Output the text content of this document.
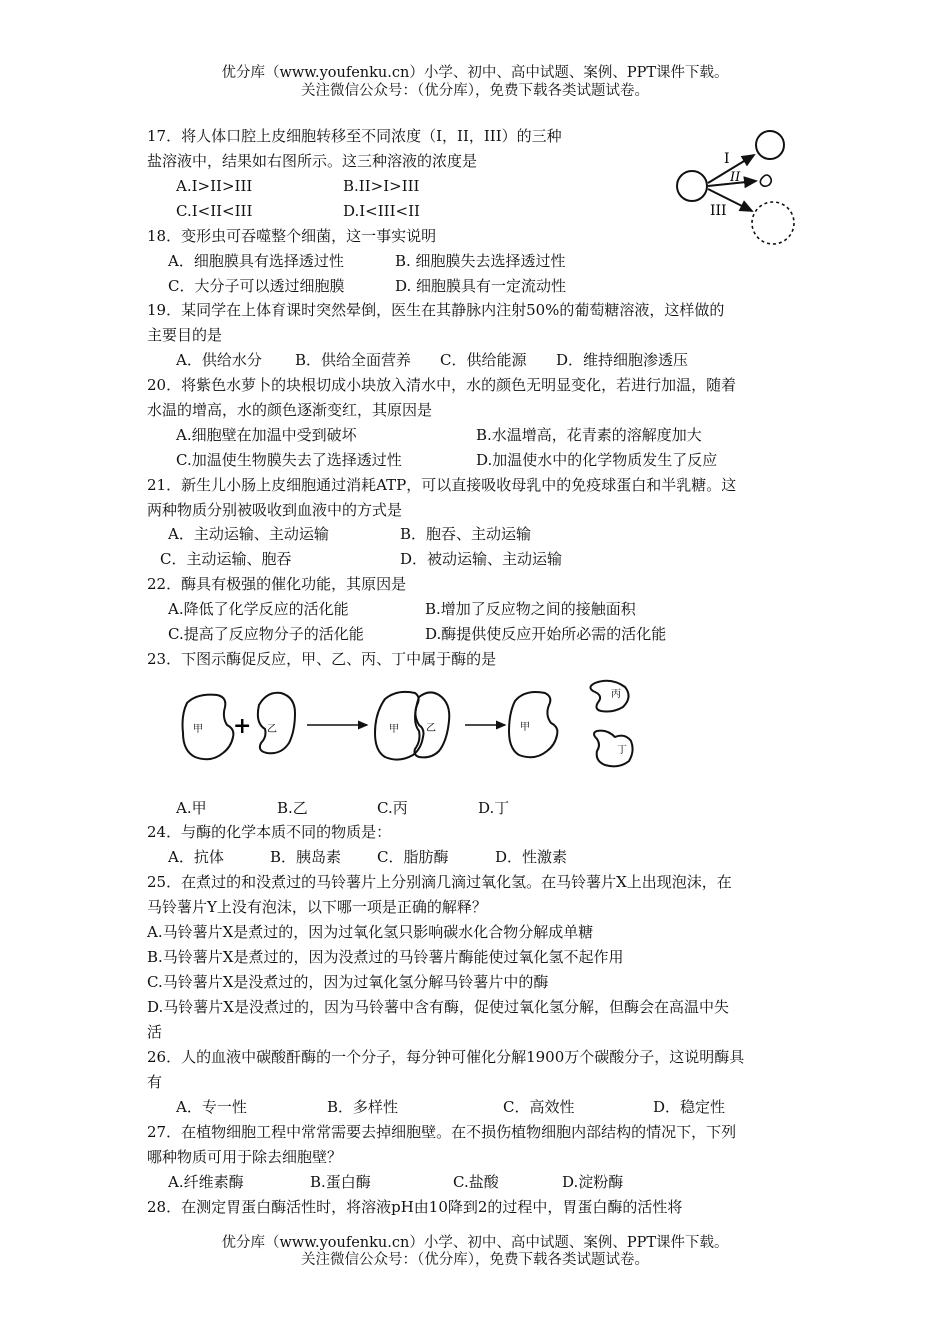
优分库（www.youfenku.cn）小学、初中、高中试题、案例、PPT课件下载。
关注微信公众号：（优分库），免费下载各类试题试卷。
17．将人体口腔上皮细胞转移至不同浓度（I，II，III）的三种
盐溶液中，结果如右图所示。这三种溶液的浓度是
A.I>II>III	B.II>I>III
C.I<II<III	D.I<III<II
I
II
III
18．变形虫可吞噬整个细菌，这一事实说明
A．细胞膜具有选择透过性	B. 细胞膜失去选择透过性
C．大分子可以透过细胞膜	D. 细胞膜具有一定流动性
19．某同学在上体育课时突然晕倒，医生在其静脉内注射50%的葡萄糖溶液，这样做的
主要目的是
A．供给水分 B．供给全面营养 C．供给能源 D．维持细胞渗透压
20．将紫色水萝卜的块根切成小块放入清水中，水的颜色无明显变化，若进行加温，随着
水温的增高，水的颜色逐渐变红，其原因是
A.细胞壁在加温中受到破坏	B.水温增高，花青素的溶解度加大
C.加温使生物膜失去了选择透过性	D.加温使水中的化学物质发生了反应
21．新生儿小肠上皮细胞通过消耗ATP，可以直接吸收母乳中的免疫球蛋白和半乳糖。这
两种物质分别被吸收到血液中的方式是
A．主动运输、主动运输	B．胞吞、主动运输
C．主动运输、胞吞	D．被动运输、主动运输
22．酶具有极强的催化功能，其原因是
A.降低了化学反应的活化能	B.增加了反应物之间的接触面积
C.提高了反应物分子的活化能	D.酶提供使反应开始所必需的活化能
23．下图示酶促反应，甲、乙、丙、丁中属于酶的是
甲 + 乙	甲	乙	甲
丙
丁
A.甲	B.乙	C.丙	D.丁
24．与酶的化学本质不同的物质是：
A．抗体	B．胰岛素 C．脂肪酶	D．性激素
25．在煮过的和没煮过的马铃薯片上分别滴几滴过氧化氢。在马铃薯片X上出现泡沫，在
马铃薯片Y上没有泡沫，以下哪一项是正确的解释？
A.马铃薯片X是煮过的，因为过氧化氢只影响碳水化合物分解成单糖
B.马铃薯片X是煮过的，因为没煮过的马铃薯片酶能使过氧化氢不起作用
C.马铃薯片X是没煮过的，因为过氧化氢分解马铃薯片中的酶
D.马铃薯片X是没煮过的，因为马铃薯中含有酶，促使过氧化氢分解，但酶会在高温中失
活
26．人的血液中碳酸酐酶的一个分子，每分钟可催化分解1900万个碳酸分子，这说明酶具
有
A．专一性	B．多样性	C．高效性	D．稳定性
27．在植物细胞工程中常常需要去掉细胞壁。在不损伤植物细胞内部结构的情况下，下列
哪种物质可用于除去细胞壁？
A.纤维素酶	B.蛋白酶	C.盐酸	D.淀粉酶
28．在测定胃蛋白酶活性时，将溶液pH由10降到2的过程中，胃蛋白酶的活性将
优分库（www.youfenku.cn）小学、初中、高中试题、案例、PPT课件下载。
关注微信公众号：（优分库），免费下载各类试题试卷。
